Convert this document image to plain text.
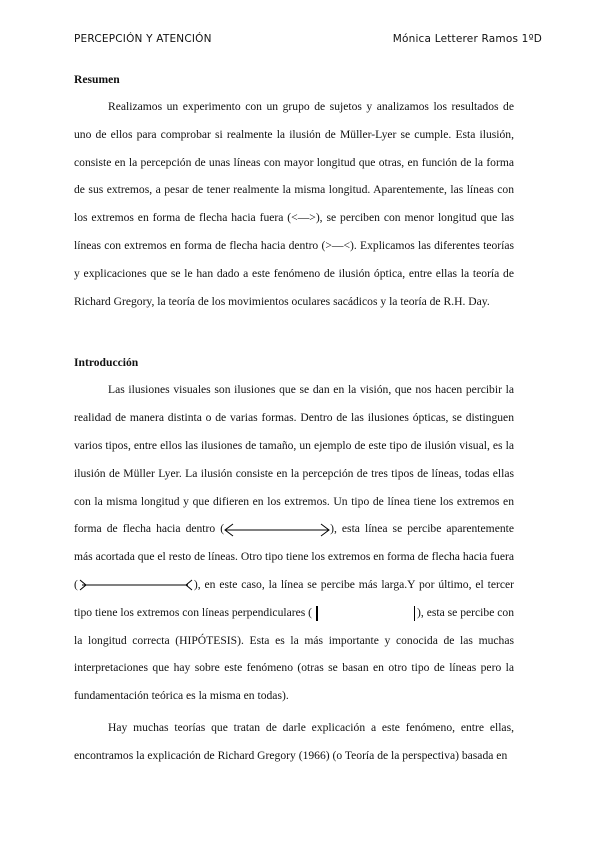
PERCEPCIÓN Y ATENCIÓN	Mónica Letterer Ramos 1ºD
Resumen

Realizamos un experimento con un grupo de sujetos y analizamos los resultados de uno de ellos para comprobar si realmente la ilusión de Müller-Lyer se cumple. Esta ilusión, consiste en la percepción de unas líneas con mayor longitud que otras, en función de la forma de sus extremos, a pesar de tener realmente la misma longitud. Aparentemente, las líneas con los extremos en forma de flecha hacia fuera (<—>), se perciben con menor longitud que las líneas con extremos en forma de flecha hacia dentro (>—<). Explicamos las diferentes teorías y explicaciones que se le han dado a este fenómeno de ilusión óptica, entre ellas la teoría de Richard Gregory, la teoría de los movimientos oculares sacádicos y la teoría de R.H. Day.

Introducción

Las ilusiones visuales son ilusiones que se dan en la visión, que nos hacen percibir la realidad de manera distinta o de varias formas. Dentro de las ilusiones ópticas, se distinguen varios tipos, entre ellos las ilusiones de tamaño, un ejemplo de este tipo de ilusión visual, es la ilusión de Müller Lyer. La ilusión consiste en la percepción de tres tipos de líneas, todas ellas con la misma longitud y que difieren en los extremos. Un tipo de línea tiene los extremos en forma de flecha hacia dentro (	), esta línea se percibe aparentemente más acortada que el resto de líneas. Otro tipo tiene los extremos en forma de flecha hacia fuera (	), en este caso, la línea se percibe más larga.Y por último, el tercer tipo tiene los extremos con líneas perpendiculares (	), esta se percibe con la longitud correcta (HIPÓTESIS). Esta es la más importante y conocida de las muchas interpretaciones que hay sobre este fenómeno (otras se basan en otro tipo de líneas pero la fundamentación teórica es la misma en todas).

Hay muchas teorías que tratan de darle explicación a este fenómeno, entre ellas, encontramos la explicación de Richard Gregory (1966) (o Teoría de la perspectiva) basada en
